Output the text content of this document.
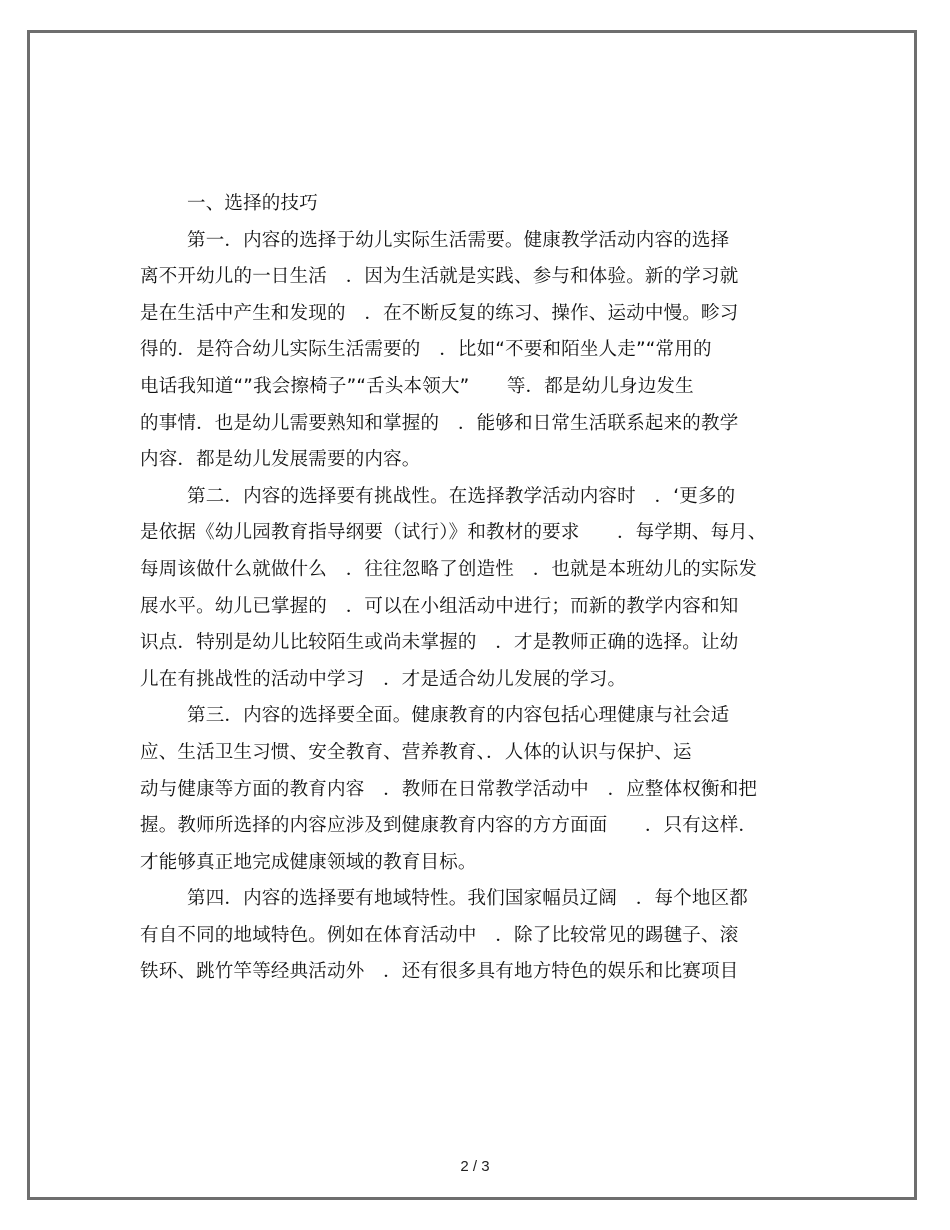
一、选择的技巧
第一．内容的选择于幼儿实际生活需要。健康教学活动内容的选择
离不开幼儿的一日生活　．因为生活就是实践、参与和体验。新的学习就
是在生活中产生和发现的　．在不断反复的练习、操作、运动中慢。畛习
得的．是符合幼儿实际生活需要的　．比如“不要和陌坐人走”“常用的
电话我知道“”我会擦椅子”“舌头本领大”　　等．都是幼儿身边发生
的事情．也是幼儿需要熟知和掌握的　．能够和日常生活联系起来的教学
内容．都是幼儿发展需要的内容。
第二．内容的选择要有挑战性。在选择教学活动内容时　．‘更多的
是依据《幼儿园教育指导纲要（试行）》和教材的要求　　．每学期、每月、
每周该做什么就做什么　．往往忽略了创造性　．也就是本班幼儿的实际发
展水平。幼儿已掌握的　．可以在小组活动中进行；而新的教学内容和知
识点．特别是幼儿比较陌生或尚未掌握的　．才是教师正确的选择。让幼
儿在有挑战性的活动中学习　．才是适合幼儿发展的学习。
第三．内容的选择要全面。健康教育的内容包括心理健康与社会适
应、生活卫生习惯、安全教育、营养教育、．人体的认识与保护、运
动与健康等方面的教育内容　．教师在日常教学活动中　．应整体权衡和把
握。教师所选择的内容应涉及到健康教育内容的方方面面　　．只有这样．
才能够真正地完成健康领域的教育目标。
第四．内容的选择要有地域特性。我们国家幅员辽阔　．每个地区都
有自不同的地域特色。例如在体育活动中　．除了比较常见的踢毽子、滚
铁环、跳竹竿等经典活动外　．还有很多具有地方特色的娱乐和比赛项目
2 / 3
